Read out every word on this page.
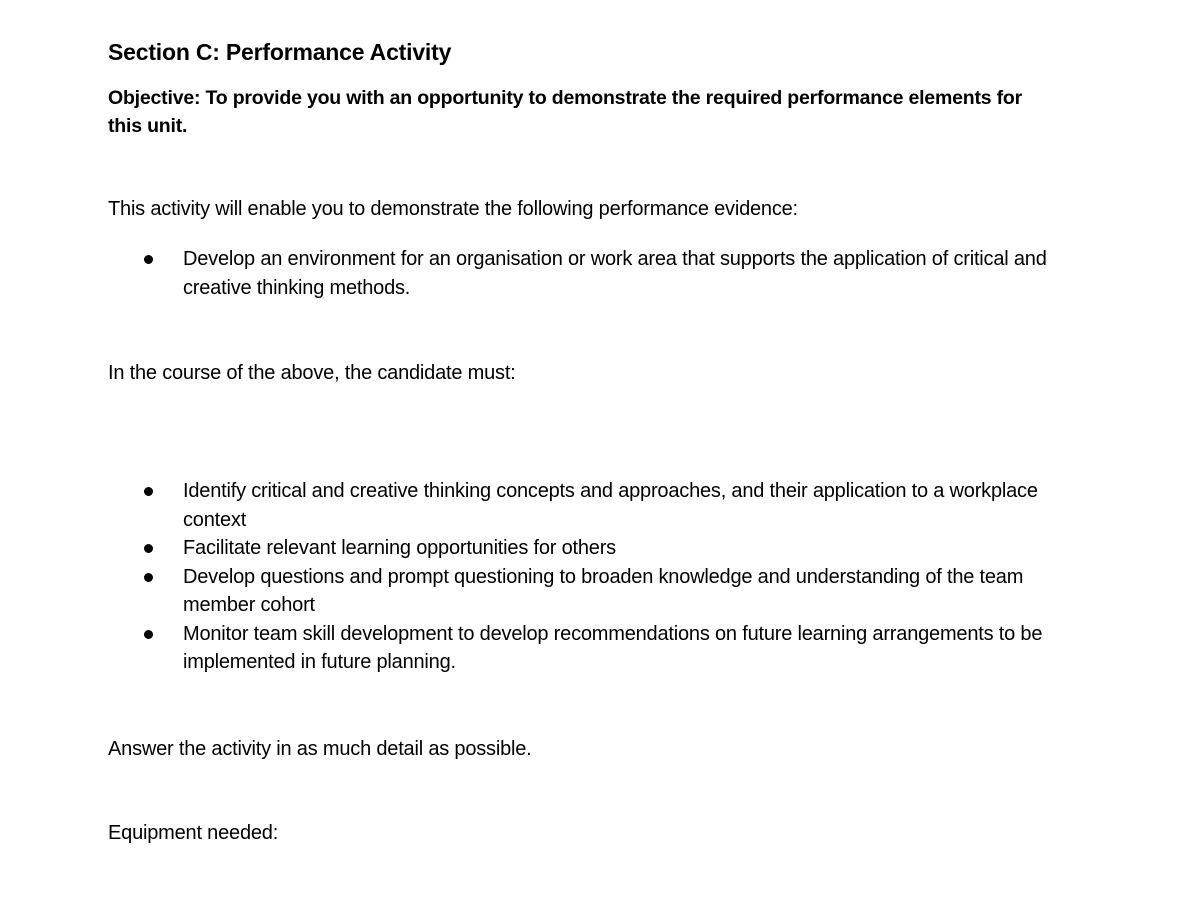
Section C: Performance Activity

Objective: To provide you with an opportunity to demonstrate the required performance elements for this unit.

This activity will enable you to demonstrate the following performance evidence:

Develop an environment for an organisation or work area that supports the application of critical and creative thinking methods.

In the course of the above, the candidate must:

Identify critical and creative thinking concepts and approaches, and their application to a workplace context
Facilitate relevant learning opportunities for others
Develop questions and prompt questioning to broaden knowledge and understanding of the team member cohort
Monitor team skill development to develop recommendations on future learning arrangements to be implemented in future planning.

Answer the activity in as much detail as possible.

Equipment needed:
